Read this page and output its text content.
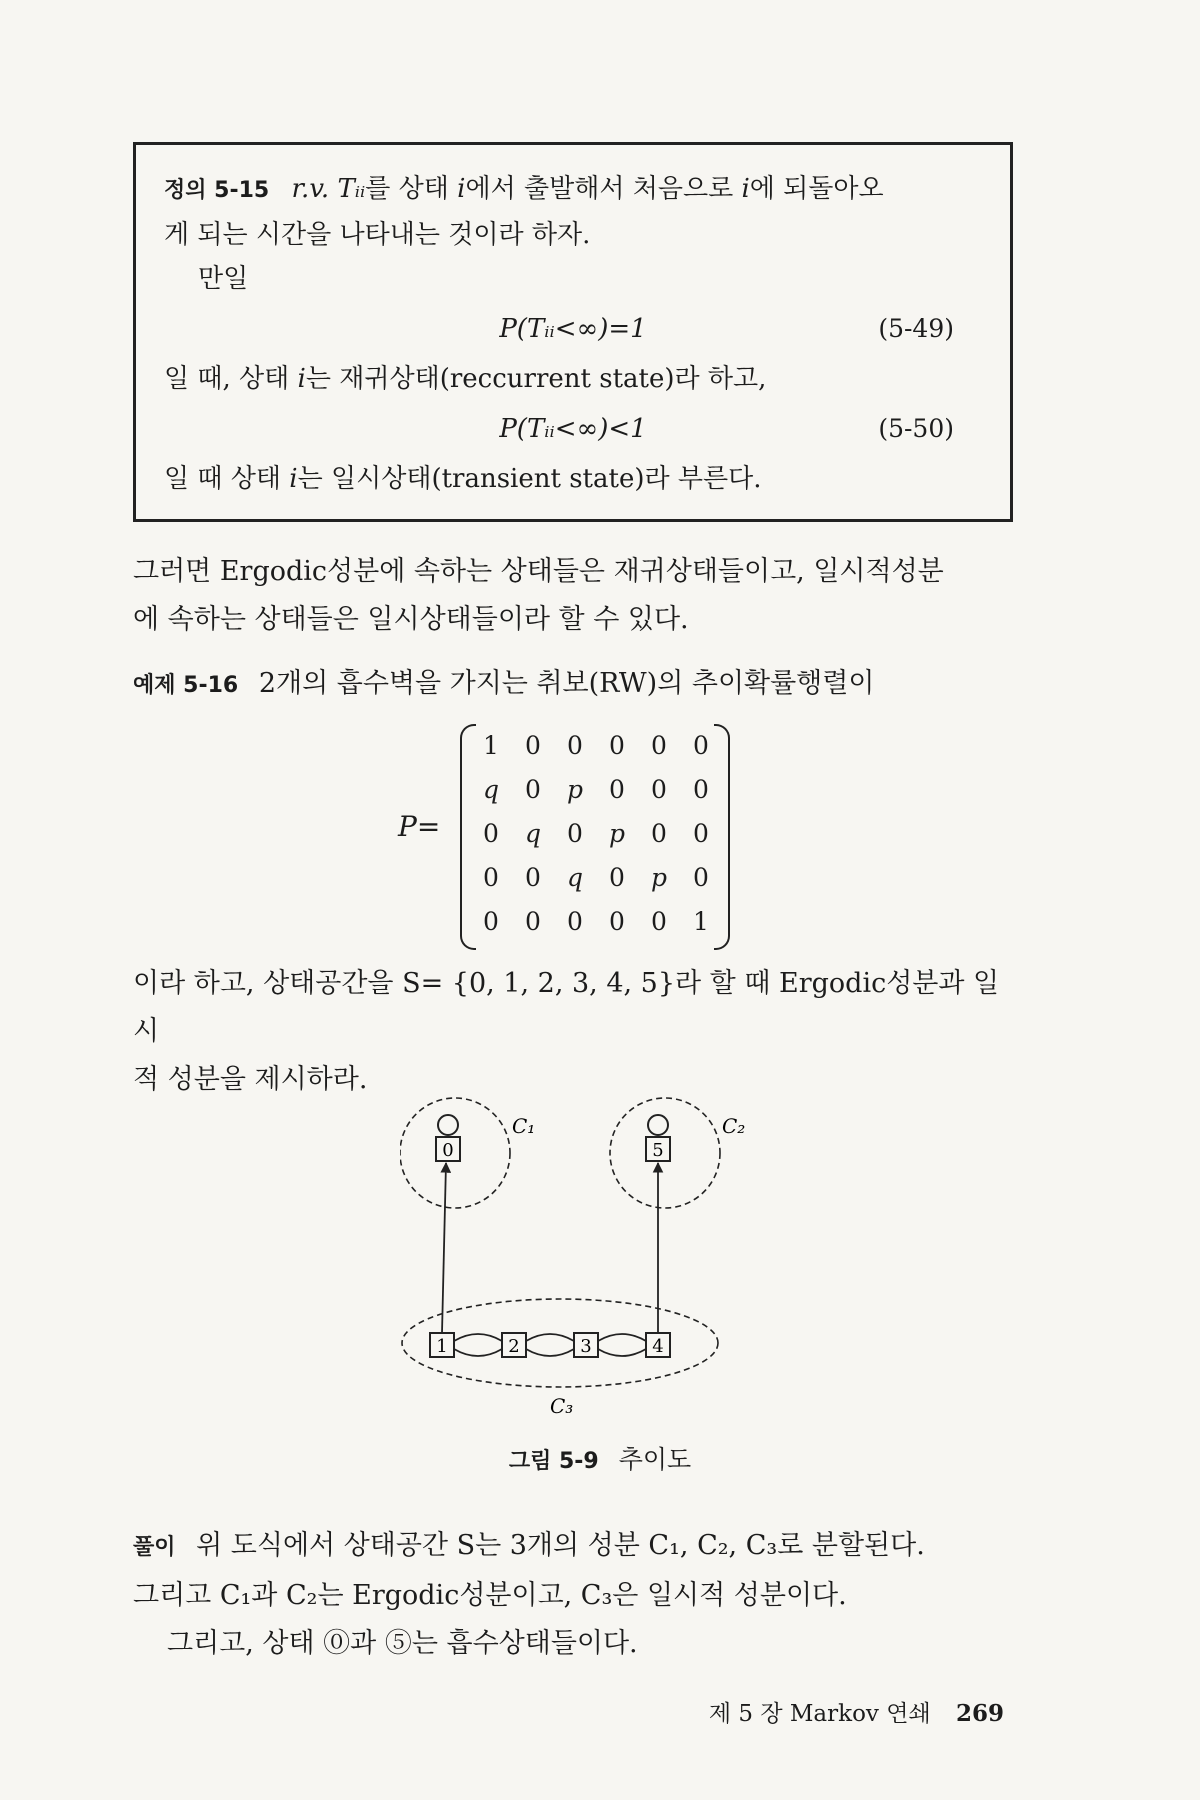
정의 5-15 r.v. Tᵢᵢ를 상태 i에서 출발해서 처음으로 i에 되돌아오
게 되는 시간을 나타내는 것이라 하자.
만일
P(Tᵢᵢ<∞)=1	(5-49)
일 때, 상태 i는 재귀상태(reccurrent state)라 하고,
P(Tᵢᵢ<∞)<1	(5-50)
일 때 상태 i는 일시상태(transient state)라 부른다.
그러면 Ergodic성분에 속하는 상태들은 재귀상태들이고, 일시적성분
에 속하는 상태들은 일시상태들이라 할 수 있다.
예제 5-16 2개의 흡수벽을 가지는 취보(RW)의 추이확률행렬이
P=
1	0	0	0	0	0
q	0	p	0	0	0
0	q	0	p	0	0
0	0	q	0	p	0
0	0	0	0	0	1
이라 하고, 상태공간을 S= {0, 1, 2, 3, 4, 5}라 할 때 Ergodic성분과 일시
적 성분을 제시하라.
0	5
1	2	3	4
C₁	C₂
C₃
그림 5-9 추이도
풀이 위 도식에서 상태공간 S는 3개의 성분 C₁, C₂, C₃로 분할된다.
그리고 C₁과 C₂는 Ergodic성분이고, C₃은 일시적 성분이다.
그리고, 상태 ⓪과 ⑤는 흡수상태들이다.
제 5 장 Markov 연쇄 269
